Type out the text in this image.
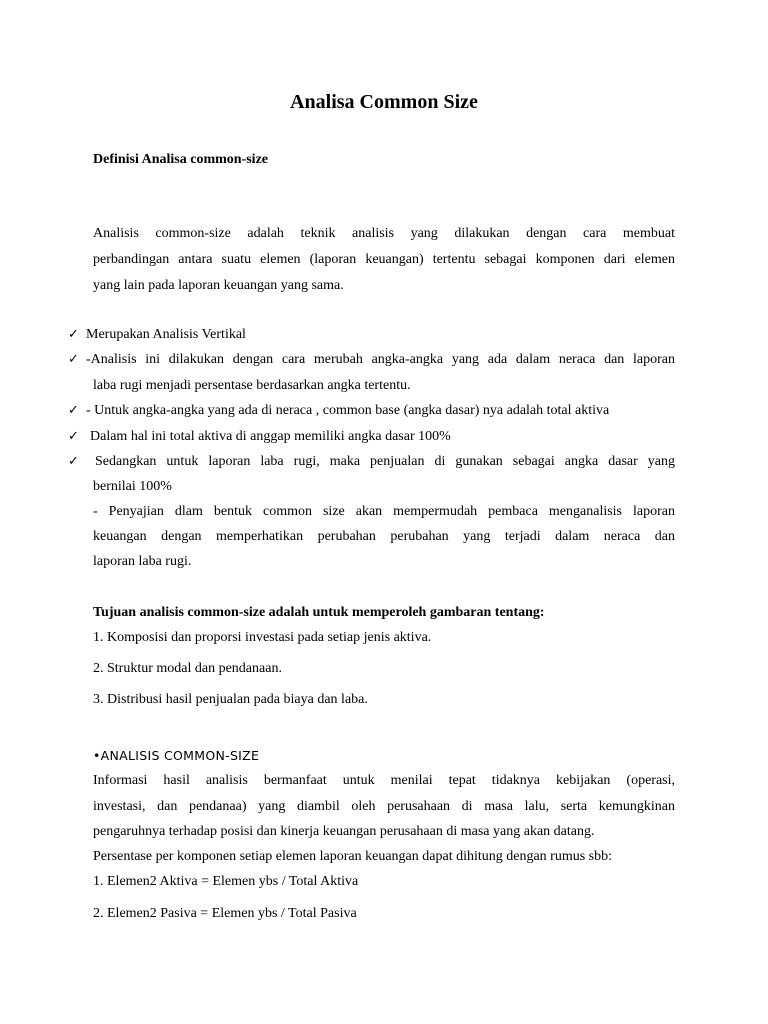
Analisa Common Size
Definisi Analisa common-size
Analisis common-size adalah teknik analisis yang dilakukan dengan cara membuat
perbandingan antara suatu elemen (laporan keuangan) tertentu sebagai komponen dari elemen
yang lain pada laporan keuangan yang sama.
✓ Merupakan Analisis Vertikal
✓ -Analisis ini dilakukan dengan cara merubah angka-angka yang ada dalam neraca dan laporan
laba rugi menjadi persentase berdasarkan angka tertentu.
✓ - Untuk angka-angka yang ada di neraca , common base (angka dasar) nya adalah total aktiva
✓ Dalam hal ini total aktiva di anggap memiliki angka dasar 100%
✓ Sedangkan untuk laporan laba rugi, maka penjualan di gunakan sebagai angka dasar yang
bernilai 100%
- Penyajian dlam bentuk common size akan mempermudah pembaca menganalisis laporan
keuangan dengan memperhatikan perubahan perubahan yang terjadi dalam neraca dan
laporan laba rugi.
Tujuan analisis common-size adalah untuk memperoleh gambaran tentang:
1. Komposisi dan proporsi investasi pada setiap jenis aktiva.
2. Struktur modal dan pendanaan.
3. Distribusi hasil penjualan pada biaya dan laba.
•ANALISIS COMMON-SIZE
Informasi hasil analisis bermanfaat untuk menilai tepat tidaknya kebijakan (operasi,
investasi, dan pendanaa) yang diambil oleh perusahaan di masa lalu, serta kemungkinan
pengaruhnya terhadap posisi dan kinerja keuangan perusahaan di masa yang akan datang.
Persentase per komponen setiap elemen laporan keuangan dapat dihitung dengan rumus sbb:
1. Elemen2 Aktiva = Elemen ybs / Total Aktiva
2. Elemen2 Pasiva = Elemen ybs / Total Pasiva
